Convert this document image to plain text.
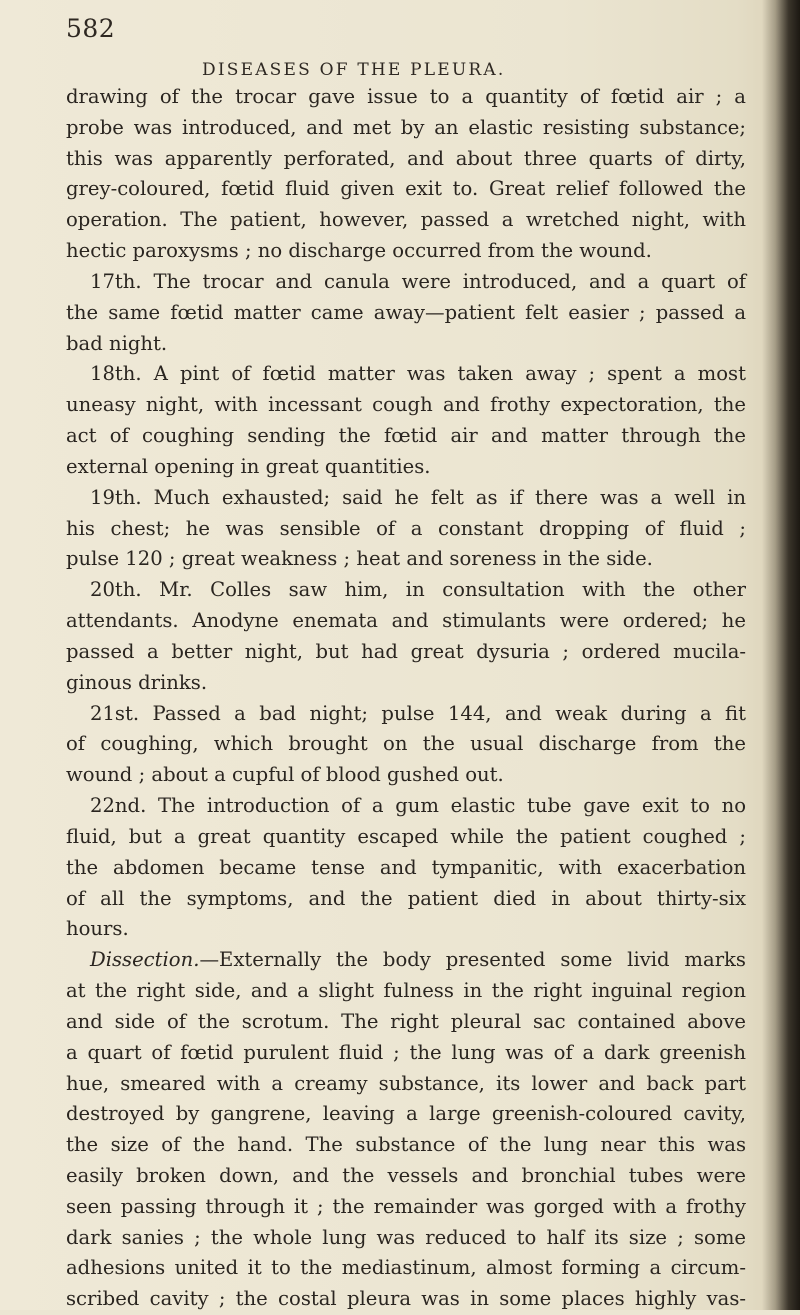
582
DISEASES OF THE PLEURA.
drawing of the trocar gave issue to a quantity of fœtid air ; a
probe was introduced, and met by an elastic resisting substance;
this was apparently perforated, and about three quarts of dirty,
grey-coloured, fœtid fluid given exit to. Great relief followed the
operation. The patient, however, passed a wretched night, with
hectic paroxysms ; no discharge occurred from the wound.
17th. The trocar and canula were introduced, and a quart of
the same fœtid matter came away—patient felt easier ; passed a
bad night.
18th. A pint of fœtid matter was taken away ; spent a most
uneasy night, with incessant cough and frothy expectoration, the
act of coughing sending the fœtid air and matter through the
external opening in great quantities.
19th. Much exhausted; said he felt as if there was a well in
his chest; he was sensible of a constant dropping of fluid ;
pulse 120 ; great weakness ; heat and soreness in the side.
20th. Mr. Colles saw him, in consultation with the other
attendants. Anodyne enemata and stimulants were ordered; he
passed a better night, but had great dysuria ; ordered mucila-
ginous drinks.
21st. Passed a bad night; pulse 144, and weak during a fit
of coughing, which brought on the usual discharge from the
wound ; about a cupful of blood gushed out.
22nd. The introduction of a gum elastic tube gave exit to no
fluid, but a great quantity escaped while the patient coughed ;
the abdomen became tense and tympanitic, with exacerbation
of all the symptoms, and the patient died in about thirty-six
hours.
Dissection.—Externally the body presented some livid marks
at the right side, and a slight fulness in the right inguinal region
and side of the scrotum. The right pleural sac contained above
a quart of fœtid purulent fluid ; the lung was of a dark greenish
hue, smeared with a creamy substance, its lower and back part
destroyed by gangrene, leaving a large greenish-coloured cavity,
the size of the hand. The substance of the lung near this was
easily broken down, and the vessels and bronchial tubes were
seen passing through it ; the remainder was gorged with a frothy
dark sanies ; the whole lung was reduced to half its size ; some
adhesions united it to the mediastinum, almost forming a circum-
scribed cavity ; the costal pleura was in some places highly vas-
